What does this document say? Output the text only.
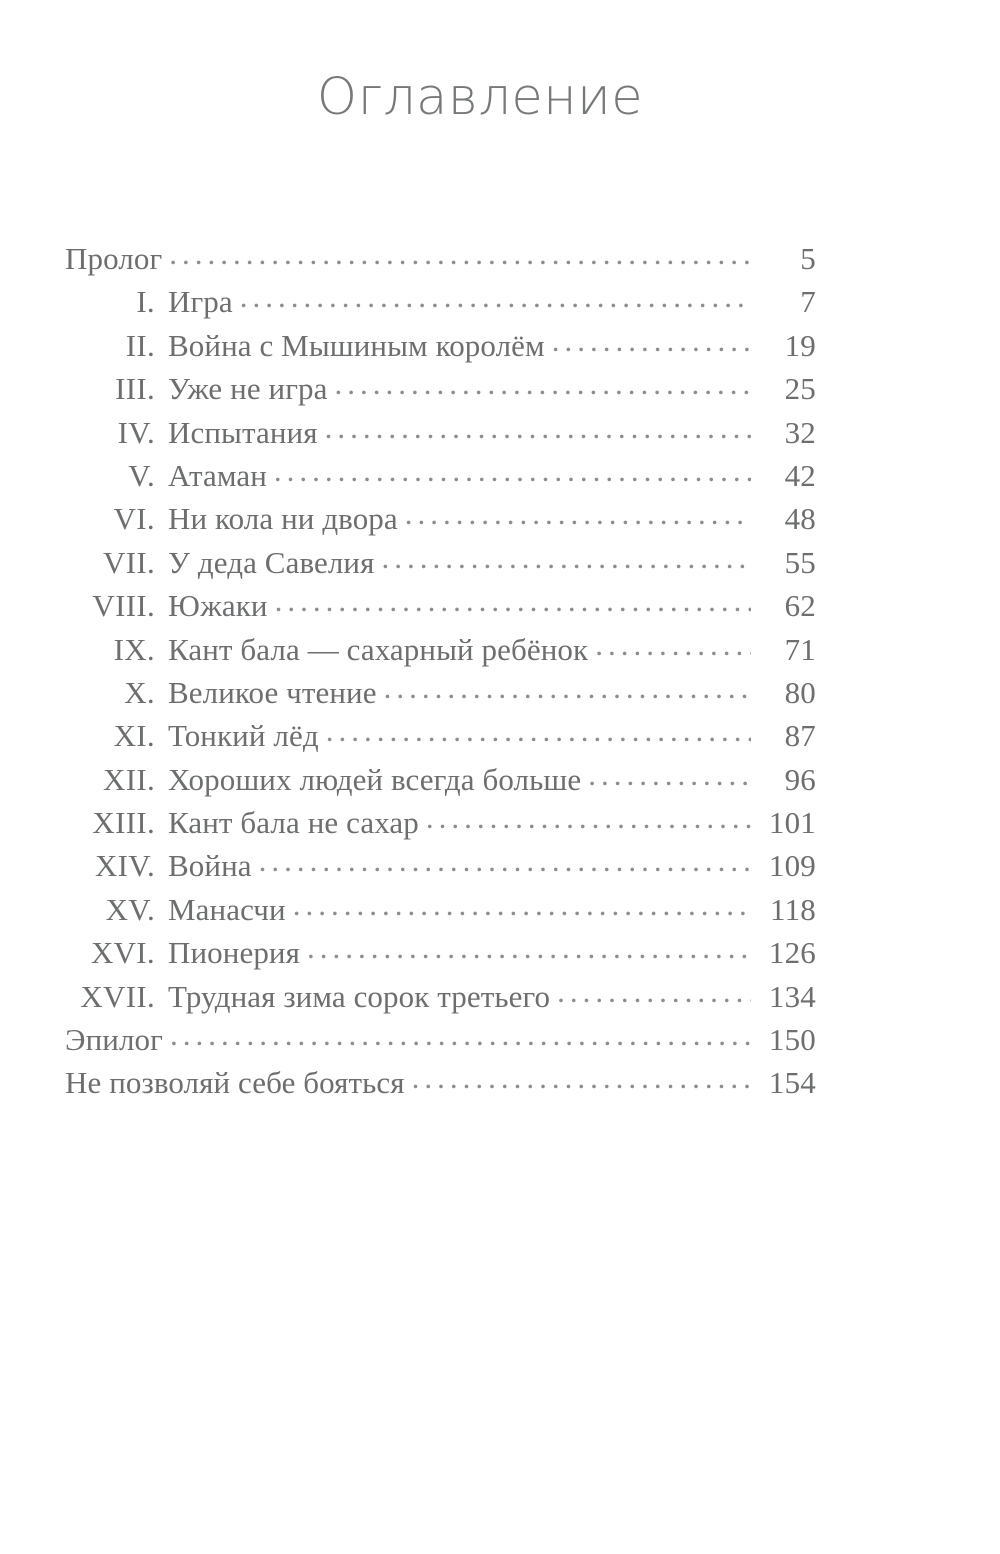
Оглавление
Пролог .....	5
I. Игра .....	7
II. Война с Мышиным королём .....	19
III. Уже не игра .....	25
IV. Испытания .....	32
V. Атаман .....	42
VI. Ни кола ни двора .....	48
VII. У деда Савелия .....	55
VIII. Южаки .....	62
IX. Кант бала — сахарный ребёнок .....	71
X. Великое чтение .....	80
XI. Тонкий лёд .....	87
XII. Хороших людей всегда больше .....	96
XIII. Кант бала не сахар .....	101
XIV. Война .....	109
XV. Манасчи .....	118
XVI. Пионерия .....	126
XVII. Трудная зима сорок третьего .....	134
Эпилог .....	150
Не позволяй себе бояться .....	154
